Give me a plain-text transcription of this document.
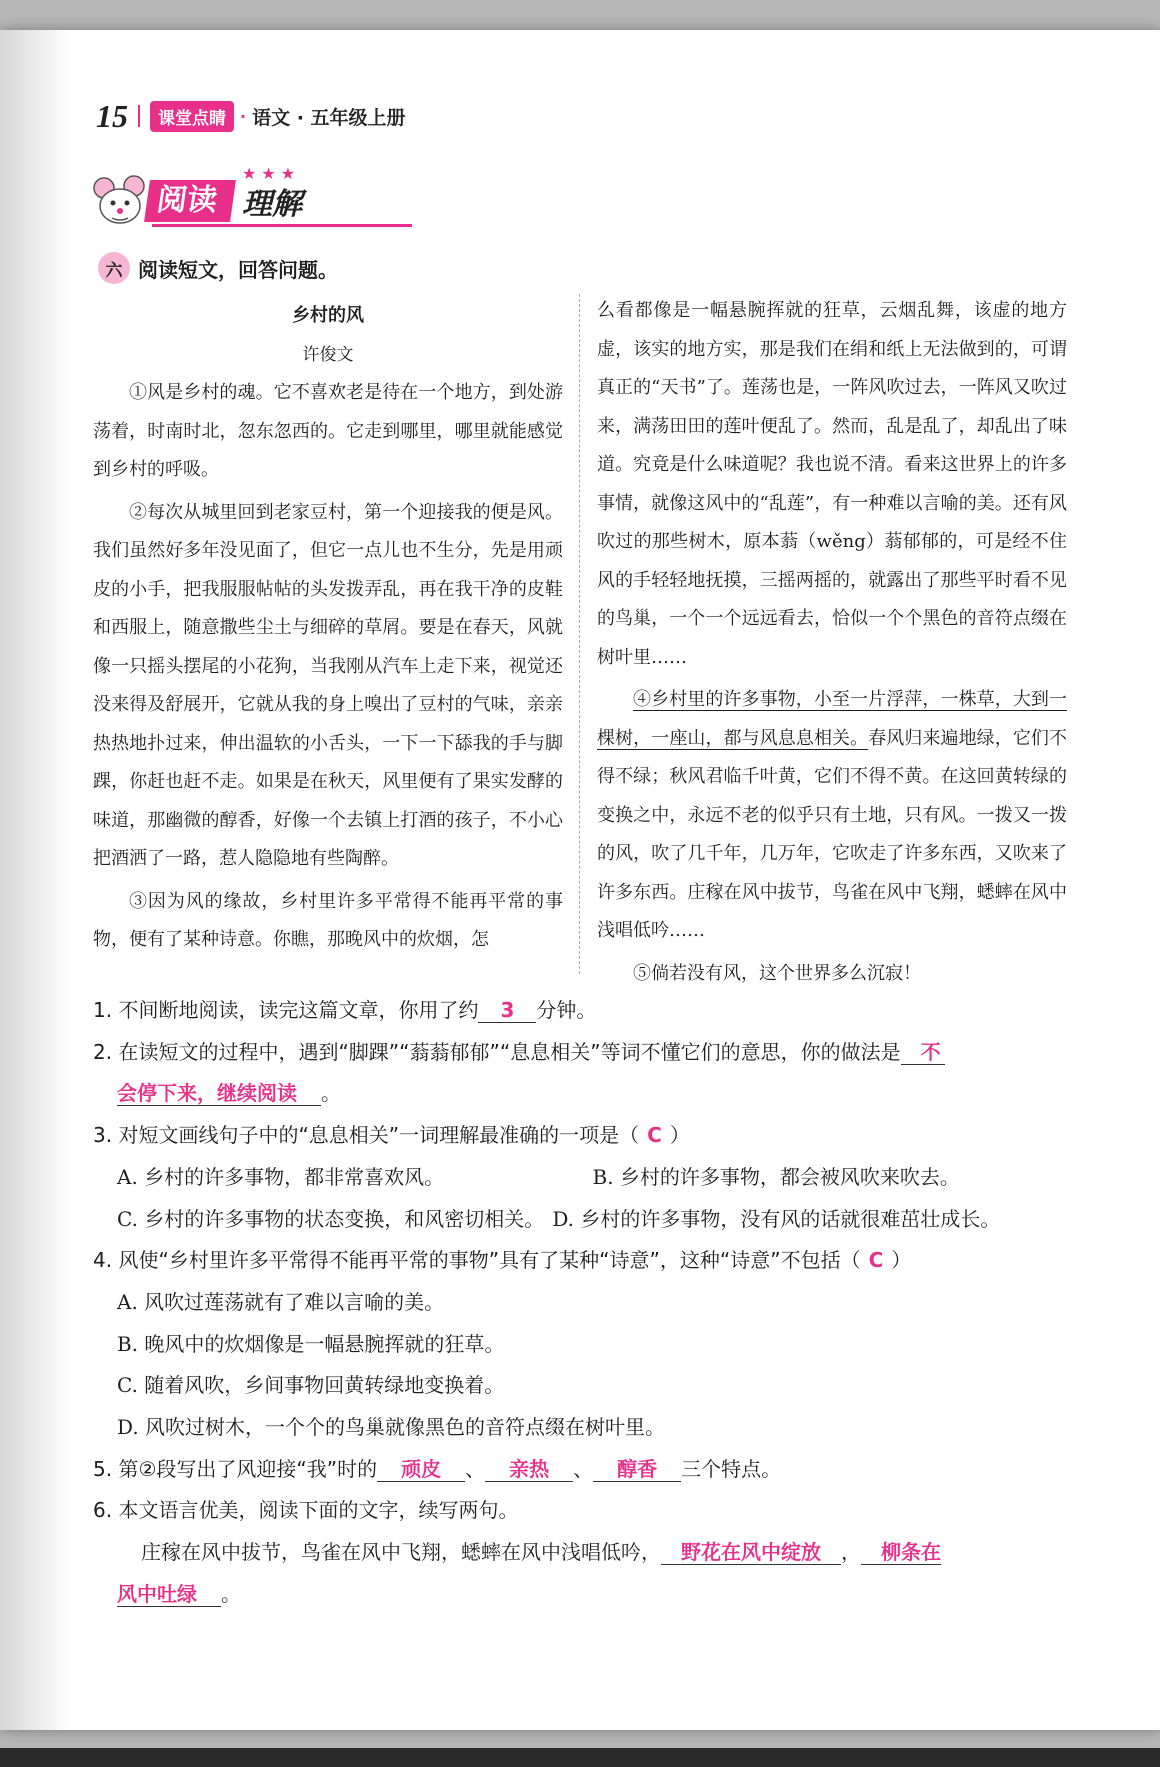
15	课堂点睛 · 语文 · 五年级上册
★★★
阅读 理解
六 阅读短文，回答问题。
乡村的风
许俊文

①风是乡村的魂。它不喜欢老是待在一个地方，到处游荡着，时南时北，忽东忽西的。它走到哪里，哪里就能感觉到乡村的呼吸。

②每次从城里回到老家豆村，第一个迎接我的便是风。我们虽然好多年没见面了，但它一点儿也不生分，先是用顽皮的小手，把我服服帖帖的头发拨弄乱，再在我干净的皮鞋和西服上，随意撒些尘土与细碎的草屑。要是在春天，风就像一只摇头摆尾的小花狗，当我刚从汽车上走下来，视觉还没来得及舒展开，它就从我的身上嗅出了豆村的气味，亲亲热热地扑过来，伸出温软的小舌头，一下一下舔我的手与脚踝，你赶也赶不走。如果是在秋天，风里便有了果实发酵的味道，那幽微的醇香，好像一个去镇上打酒的孩子，不小心把酒洒了一路，惹人隐隐地有些陶醉。

③因为风的缘故，乡村里许多平常得不能再平常的事物，便有了某种诗意。你瞧，那晚风中的炊烟，怎

么看都像是一幅悬腕挥就的狂草，云烟乱舞，该虚的地方虚，该实的地方实，那是我们在绢和纸上无法做到的，可谓真正的“天书”了。莲荡也是，一阵风吹过去，一阵风又吹过来，满荡田田的莲叶便乱了。然而，乱是乱了，却乱出了味道。究竟是什么味道呢？我也说不清。看来这世界上的许多事情，就像这风中的“乱莲”，有一种难以言喻的美。还有风吹过的那些树木，原本蓊（wěng）蓊郁郁的，可是经不住风的手轻轻地抚摸，三摇两摇的，就露出了那些平时看不见的鸟巢，一个一个远远看去，恰似一个个黑色的音符点缀在树叶里……

④乡村里的许多事物，小至一片浮萍，一株草，大到一棵树，一座山，都与风息息相关。春风归来遍地绿，它们不得不绿；秋风君临千叶黄，它们不得不黄。在这回黄转绿的变换之中，永远不老的似乎只有土地，只有风。一拨又一拨的风，吹了几千年，几万年，它吹走了许多东西，又吹来了许多东西。庄稼在风中拔节，鸟雀在风中飞翔，蟋蟀在风中浅唱低吟……

⑤倘若没有风，这个世界多么沉寂！

1. 不间断地阅读，读完这篇文章，你用了约 3 分钟。

2. 在读短文的过程中，遇到“脚踝”“蓊蓊郁郁”“息息相关”等词不懂它们的意思，你的做法是 不

会停下来，继续阅读 。

3. 对短文画线句子中的“息息相关”一词理解最准确的一项是（ C ）

A. 乡村的许多事物，都非常喜欢风。	B. 乡村的许多事物，都会被风吹来吹去。
C. 乡村的许多事物的状态变换，和风密切相关。 D. 乡村的许多事物，没有风的话就很难茁壮成长。

4. 风使“乡村里许多平常得不能再平常的事物”具有了某种“诗意”，这种“诗意”不包括（ C ）

A. 风吹过莲荡就有了难以言喻的美。
B. 晚风中的炊烟像是一幅悬腕挥就的狂草。
C. 随着风吹，乡间事物回黄转绿地变换着。
D. 风吹过树木，一个个的鸟巢就像黑色的音符点缀在树叶里。

5. 第②段写出了风迎接“我”时的 顽皮 、 亲热 、 醇香 三个特点。

6. 本文语言优美，阅读下面的文字，续写两句。

庄稼在风中拔节，鸟雀在风中飞翔，蟋蟀在风中浅唱低吟， 野花在风中绽放 ， 柳条在

风中吐绿 。
